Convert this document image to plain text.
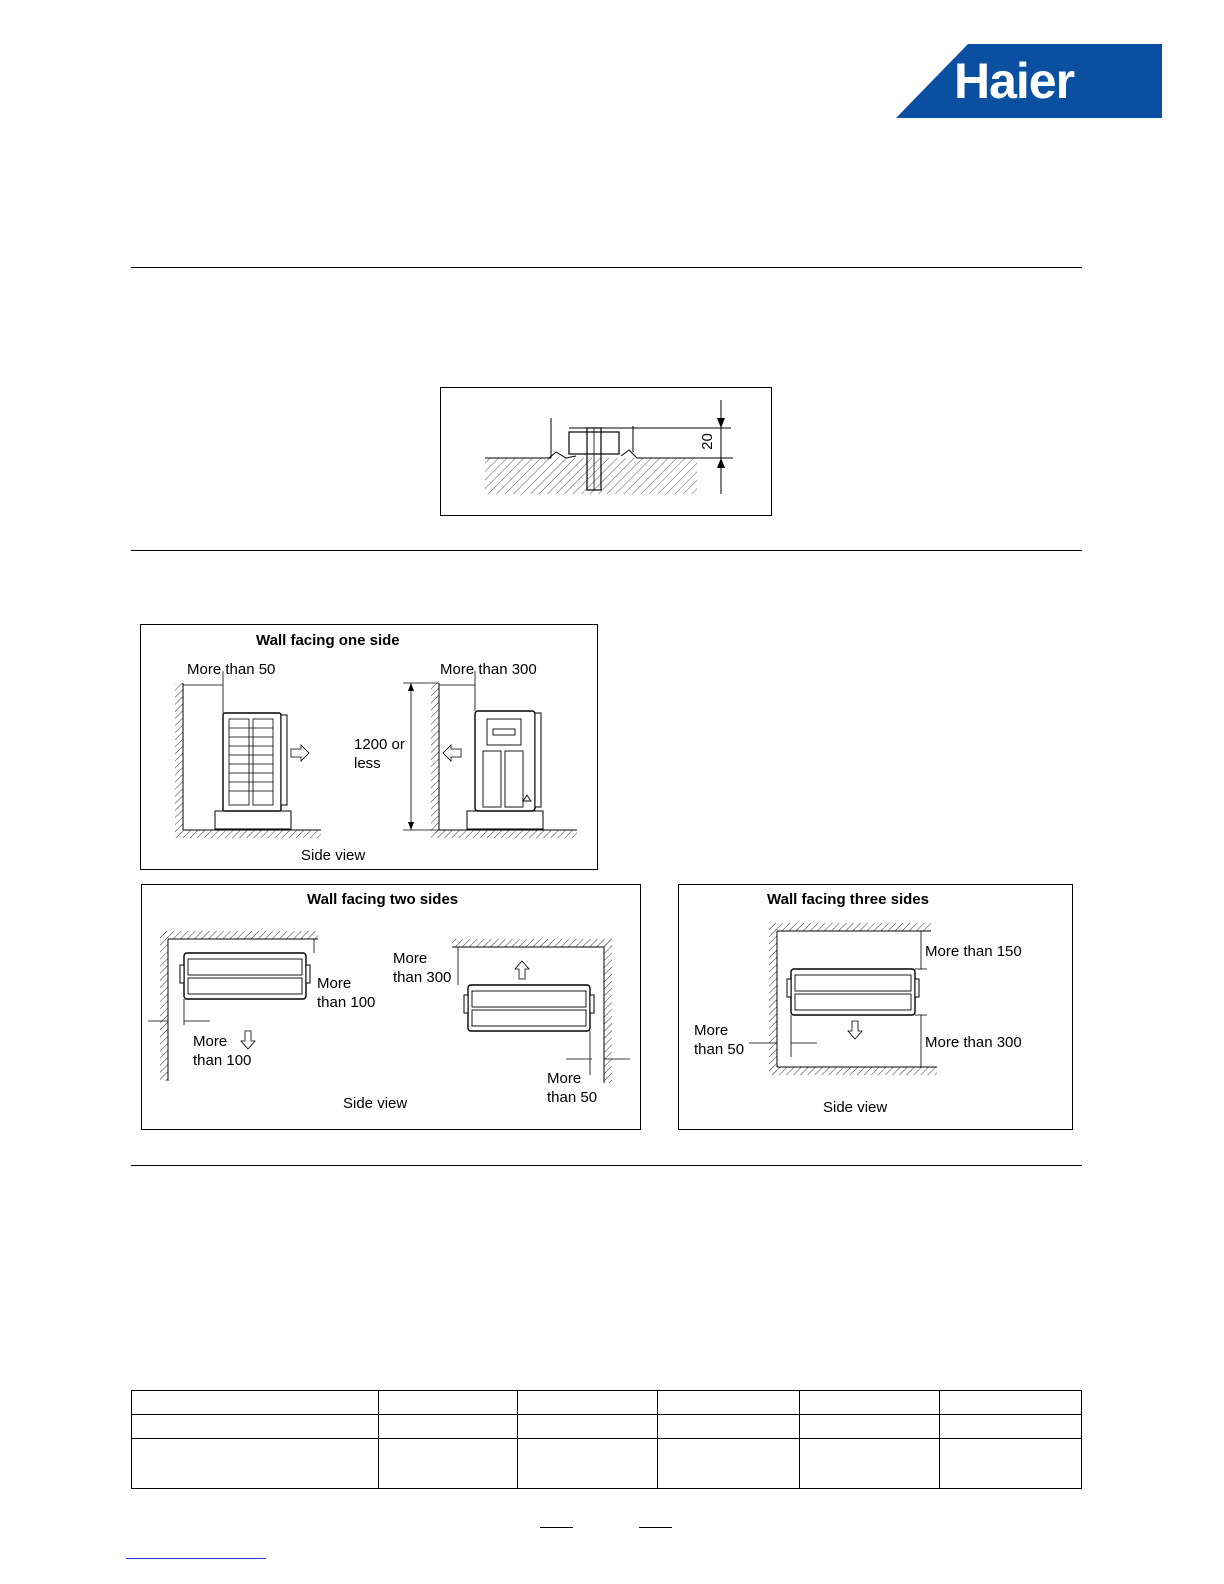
Haier
20
Wall facing one side
More than 50	More than 300
1200 or
less
Side view
Wall facing two sides
More
than 100
More
than 100
More
than 300
More
than 50
Side view
Wall facing three sides
More than 150
More than 300
More
than 50
Side view
